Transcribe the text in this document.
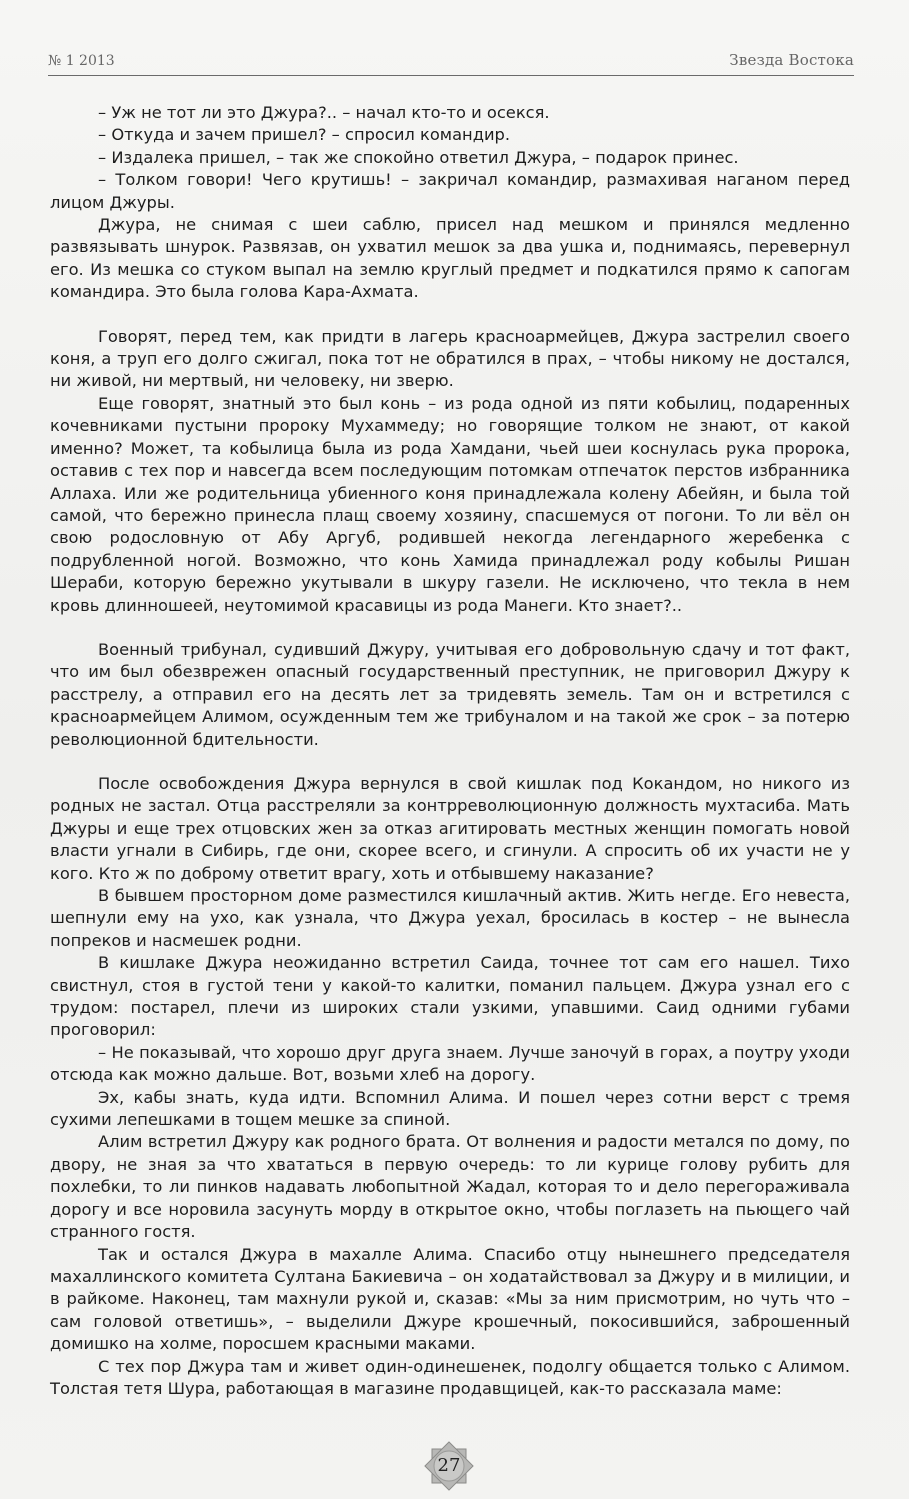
№ 1 2013	Звезда Востока

– Уж не тот ли это Джура?.. – начал кто-то и осекся.

– Откуда и зачем пришел? – спросил командир.

– Издалека пришел, – так же спокойно ответил Джура, – подарок принес.

– Толком говори! Чего крутишь! – закричал командир, размахивая наганом перед лицом Джуры.

Джура, не снимая с шеи саблю, присел над мешком и принялся медленно развязывать шнурок. Развязав, он ухватил мешок за два ушка и, поднимаясь, перевернул его. Из мешка со стуком выпал на землю круглый предмет и подкатился прямо к сапогам командира. Это была голова Кара-Ахмата.

Говорят, перед тем, как придти в лагерь красноармейцев, Джура застрелил своего коня, а труп его долго сжигал, пока тот не обратился в прах, – чтобы никому не достался, ни живой, ни мертвый, ни человеку, ни зверю.

Еще говорят, знатный это был конь – из рода одной из пяти кобылиц, подаренных кочевниками пустыни пророку Мухаммеду; но говорящие толком не знают, от какой именно? Может, та кобылица была из рода Хамдани, чьей шеи коснулась рука пророка, оставив с тех пор и навсегда всем последующим потомкам отпечаток перстов избранника Аллаха. Или же родительница убиенного коня принадлежала колену Абейян, и была той самой, что бережно принесла плащ своему хозяину, спасшемуся от погони. То ли вёл он свою родословную от Абу Аргуб, родившей некогда легендарного жеребенка с подрубленной ногой. Возможно, что конь Хамида принадлежал роду кобылы Ришан Шераби, которую бережно укутывали в шкуру газели. Не исключено, что текла в нем кровь длинношеей, неутомимой красавицы из рода Манеги. Кто знает?..

Военный трибунал, судивший Джуру, учитывая его добровольную сдачу и тот факт, что им был обезврежен опасный государственный преступник, не приговорил Джуру к расстрелу, а отправил его на десять лет за тридевять земель. Там он и встретился с красноармейцем Алимом, осужденным тем же трибуналом и на такой же срок – за потерю революционной бдительности.

После освобождения Джура вернулся в свой кишлак под Кокандом, но никого из родных не застал. Отца расстреляли за контрреволюционную должность мухтасиба. Мать Джуры и еще трех отцовских жен за отказ агитировать местных женщин помогать новой власти угнали в Сибирь, где они, скорее всего, и сгинули. А спросить об их участи не у кого. Кто ж по доброму ответит врагу, хоть и отбывшему наказание?

В бывшем просторном доме разместился кишлачный актив. Жить негде. Его невеста, шепнули ему на ухо, как узнала, что Джура уехал, бросилась в костер – не вынесла попреков и насмешек родни.

В кишлаке Джура неожиданно встретил Саида, точнее тот сам его нашел. Тихо свистнул, стоя в густой тени у какой-то калитки, поманил пальцем. Джура узнал его с трудом: постарел, плечи из широких стали узкими, упавшими. Саид одними губами проговорил:

– Не показывай, что хорошо друг друга знаем. Лучше заночуй в горах, а поутру уходи отсюда как можно дальше. Вот, возьми хлеб на дорогу.

Эх, кабы знать, куда идти. Вспомнил Алима. И пошел через сотни верст с тремя сухими лепешками в тощем мешке за спиной.

Алим встретил Джуру как родного брата. От волнения и радости метался по дому, по двору, не зная за что хвататься в первую очередь: то ли курице голову рубить для похлебки, то ли пинков надавать любопытной Жадал, которая то и дело перегораживала дорогу и все норовила засунуть морду в открытое окно, чтобы поглазеть на пьющего чай странного гостя.

Так и остался Джура в махалле Алима. Спасибо отцу нынешнего председателя махаллинского комитета Султана Бакиевича – он ходатайствовал за Джуру и в милиции, и в райкоме. Наконец, там махнули рукой и, сказав: «Мы за ним присмотрим, но чуть что – сам головой ответишь», – выделили Джуре крошечный, покосившийся, заброшенный домишко на холме, поросшем красными маками.

С тех пор Джура там и живет один-одинешенек, подолгу общается только с Алимом. Толстая тетя Шура, работающая в магазине продавщицей, как-то рассказала маме:

27
